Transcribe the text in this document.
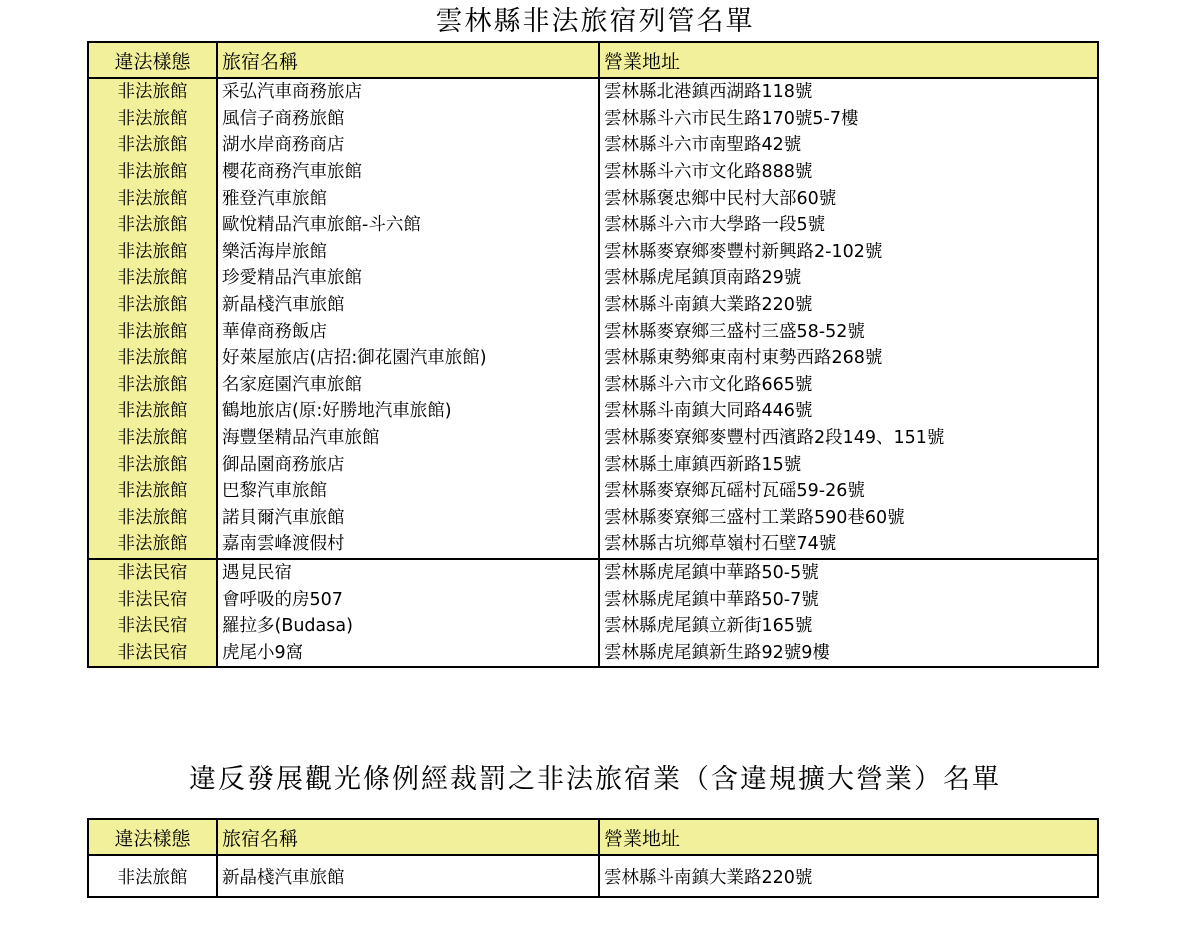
雲林縣非法旅宿列管名單
違法樣態	旅宿名稱	營業地址
非法旅館	采弘汽車商務旅店	雲林縣北港鎮西湖路118號
非法旅館	風信子商務旅館	雲林縣斗六市民生路170號5-7樓
非法旅館	湖水岸商務商店	雲林縣斗六市南聖路42號
非法旅館	櫻花商務汽車旅館	雲林縣斗六市文化路888號
非法旅館	雅登汽車旅館	雲林縣褒忠鄉中民村大部60號
非法旅館	歐悅精品汽車旅館-斗六館	雲林縣斗六市大學路一段5號
非法旅館	樂活海岸旅館	雲林縣麥寮鄉麥豐村新興路2-102號
非法旅館	珍愛精品汽車旅館	雲林縣虎尾鎮頂南路29號
非法旅館	新晶棧汽車旅館	雲林縣斗南鎮大業路220號
非法旅館	華偉商務飯店	雲林縣麥寮鄉三盛村三盛58-52號
非法旅館	好萊屋旅店(店招:御花園汽車旅館)	雲林縣東勢鄉東南村東勢西路268號
非法旅館	名家庭園汽車旅館	雲林縣斗六市文化路665號
非法旅館	鶴地旅店(原:好勝地汽車旅館)	雲林縣斗南鎮大同路446號
非法旅館	海豐堡精品汽車旅館	雲林縣麥寮鄉麥豐村西濱路2段149、151號
非法旅館	御品園商務旅店	雲林縣土庫鎮西新路15號
非法旅館	巴黎汽車旅館	雲林縣麥寮鄉瓦磘村瓦磘59-26號
非法旅館	諾貝爾汽車旅館	雲林縣麥寮鄉三盛村工業路590巷60號
非法旅館	嘉南雲峰渡假村	雲林縣古坑鄉草嶺村石壁74號
非法民宿	遇見民宿	雲林縣虎尾鎮中華路50-5號
非法民宿	會呼吸的房507	雲林縣虎尾鎮中華路50-7號
非法民宿	羅拉多(Budasa)	雲林縣虎尾鎮立新街165號
非法民宿	虎尾小9窩	雲林縣虎尾鎮新生路92號9樓
違反發展觀光條例經裁罰之非法旅宿業（含違規擴大營業）名單
違法樣態	旅宿名稱	營業地址
非法旅館	新晶棧汽車旅館	雲林縣斗南鎮大業路220號
